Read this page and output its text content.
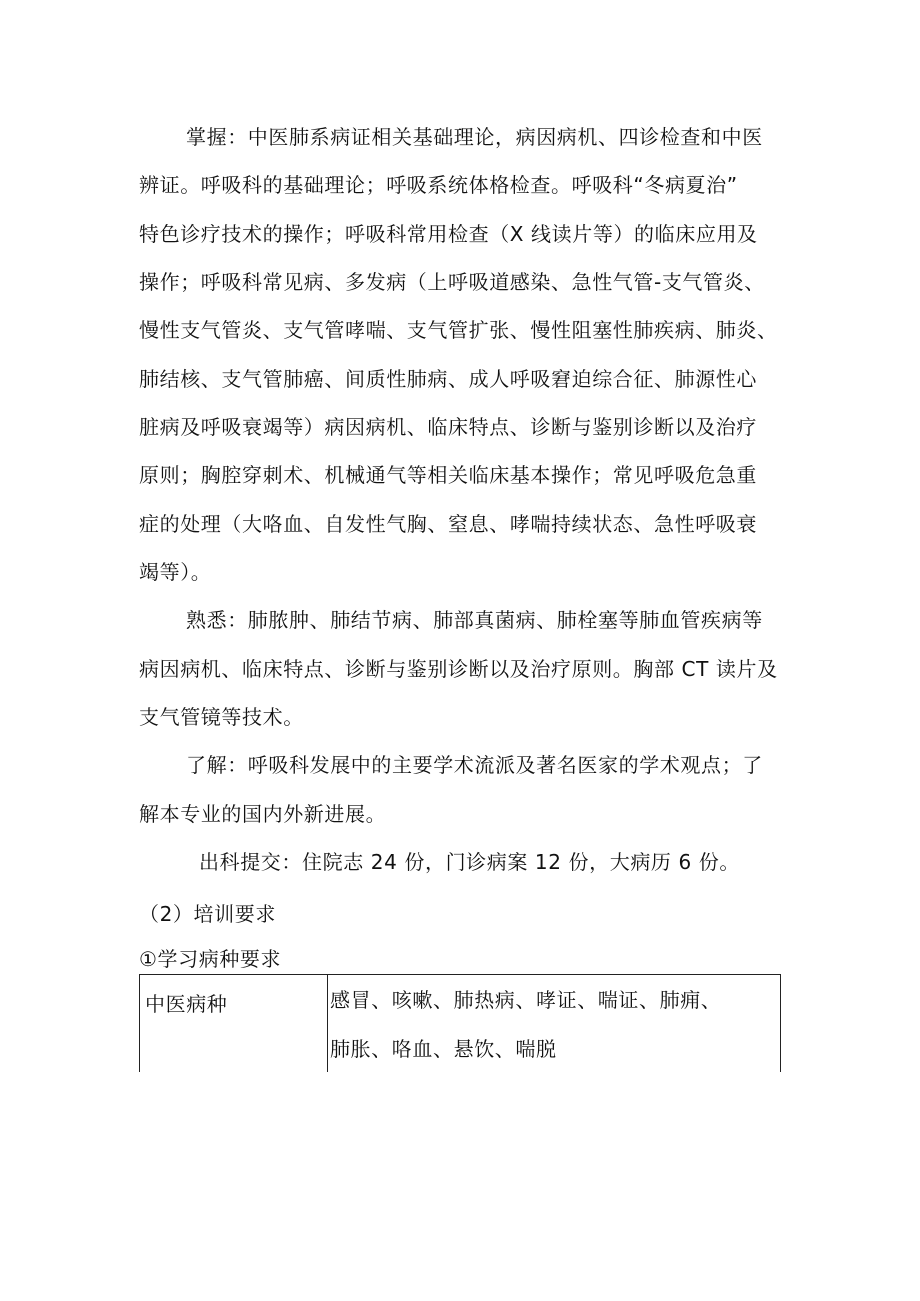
掌握：中医肺系病证相关基础理论，病因病机、四诊检查和中医
辨证。呼吸科的基础理论；呼吸系统体格检查。呼吸科“冬病夏治”
特色诊疗技术的操作；呼吸科常用检查（X 线读片等）的临床应用及
操作；呼吸科常见病、多发病（上呼吸道感染、急性气管-支气管炎、
慢性支气管炎、支气管哮喘、支气管扩张、慢性阻塞性肺疾病、肺炎、
肺结核、支气管肺癌、间质性肺病、成人呼吸窘迫综合征、肺源性心
脏病及呼吸衰竭等）病因病机、临床特点、诊断与鉴别诊断以及治疗
原则；胸腔穿刺术、机械通气等相关临床基本操作；常见呼吸危急重
症的处理（大咯血、自发性气胸、窒息、哮喘持续状态、急性呼吸衰
竭等）。
熟悉：肺脓肿、肺结节病、肺部真菌病、肺栓塞等肺血管疾病等
病因病机、临床特点、诊断与鉴别诊断以及治疗原则。胸部 CT 读片及
支气管镜等技术。
了解：呼吸科发展中的主要学术流派及著名医家的学术观点；了
解本专业的国内外新进展。
出科提交：住院志 24 份，门诊病案 12 份，大病历 6 份。
（2）培训要求
①学习病种要求
中医病种	感冒、咳嗽、肺热病、哮证、喘证、肺痈、
肺胀、咯血、悬饮、喘脱
